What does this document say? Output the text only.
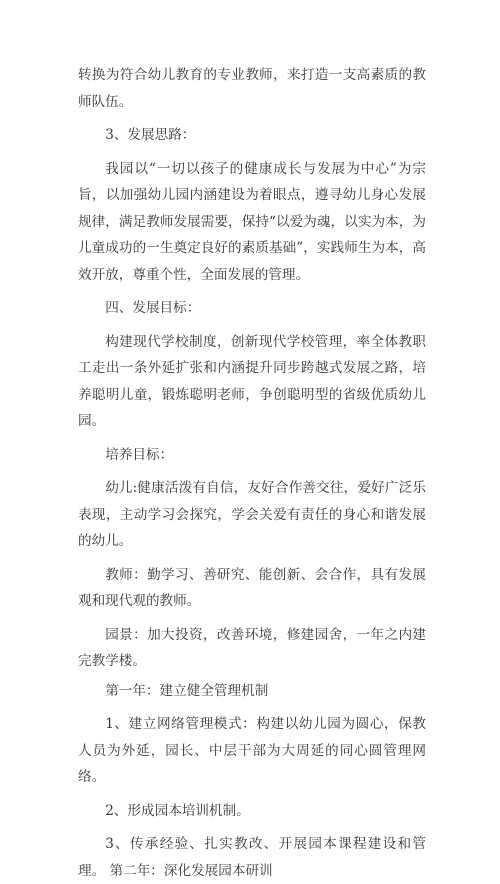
转换为符合幼儿教育的专业教师，来打造一支高素质的教师队伍。

3、发展思路：

我园以“一切以孩子的健康成长与发展为中心”为宗旨，以加强幼儿园内涵建设为着眼点，遵寻幼儿身心发展规律，满足教师发展需要，保持“以爱为魂，以实为本，为儿童成功的一生奠定良好的素质基础”，实践师生为本，高效开放，尊重个性，全面发展的管理。

四、发展目标：

构建现代学校制度，创新现代学校管理，率全体教职工走出一条外延扩张和内涵提升同步跨越式发展之路，培养聪明儿童，锻炼聪明老师，争创聪明型的省级优质幼儿园。

培养目标：

幼儿:健康活泼有自信，友好合作善交往，爱好广泛乐表现，主动学习会探究，学会关爱有责任的身心和谐发展的幼儿。

教师：勤学习、善研究、能创新、会合作，具有发展观和现代观的教师。

园景：加大投资，改善环境，修建园舍，一年之内建完教学楼。

第一年：建立健全管理机制

1、建立网络管理模式：构建以幼儿园为圆心，保教人员为外延，园长、中层干部为大周延的同心圆管理网络。

2、形成园本培训机制。

3、传承经验、扎实教改、开展园本课程建设和管理。 第二年：深化发展园本研训
